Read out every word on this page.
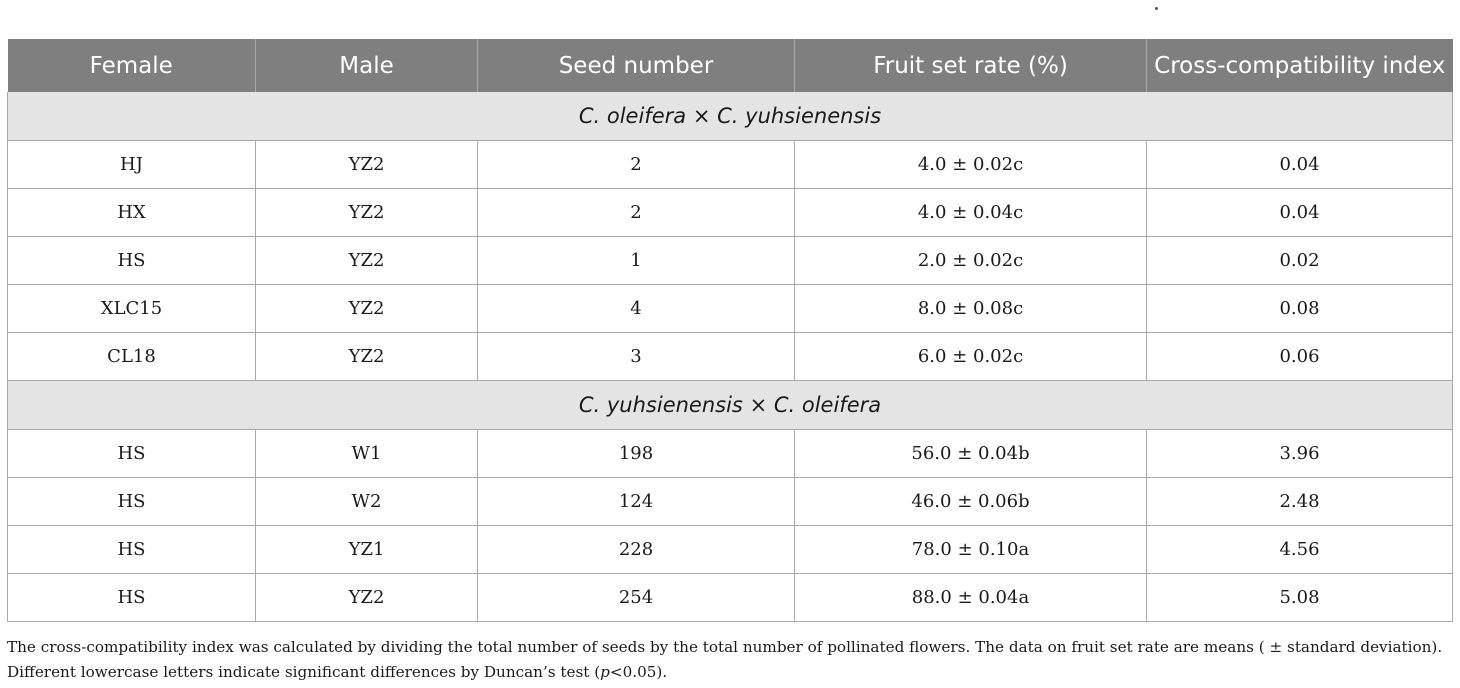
Female	Male	Seed number	Fruit set rate (%)	Cross-compatibility index
C. oleifera × C. yuhsienensis				
HJ	YZ2	2	4.0 ± 0.02c	0.04
HX	YZ2	2	4.0 ± 0.04c	0.04
HS	YZ2	1	2.0 ± 0.02c	0.02
XLC15	YZ2	4	8.0 ± 0.08c	0.08
CL18	YZ2	3	6.0 ± 0.02c	0.06
C. yuhsienensis × C. oleifera				
HS	W1	198	56.0 ± 0.04b	3.96
HS	W2	124	46.0 ± 0.06b	2.48
HS	YZ1	228	78.0 ± 0.10a	4.56
HS	YZ2	254	88.0 ± 0.04a	5.08

The cross-compatibility index was calculated by dividing the total number of seeds by the total number of pollinated flowers. The data on fruit set rate are means ( ± standard deviation). Different lowercase letters indicate significant differences by Duncan’s test (p<0.05).
